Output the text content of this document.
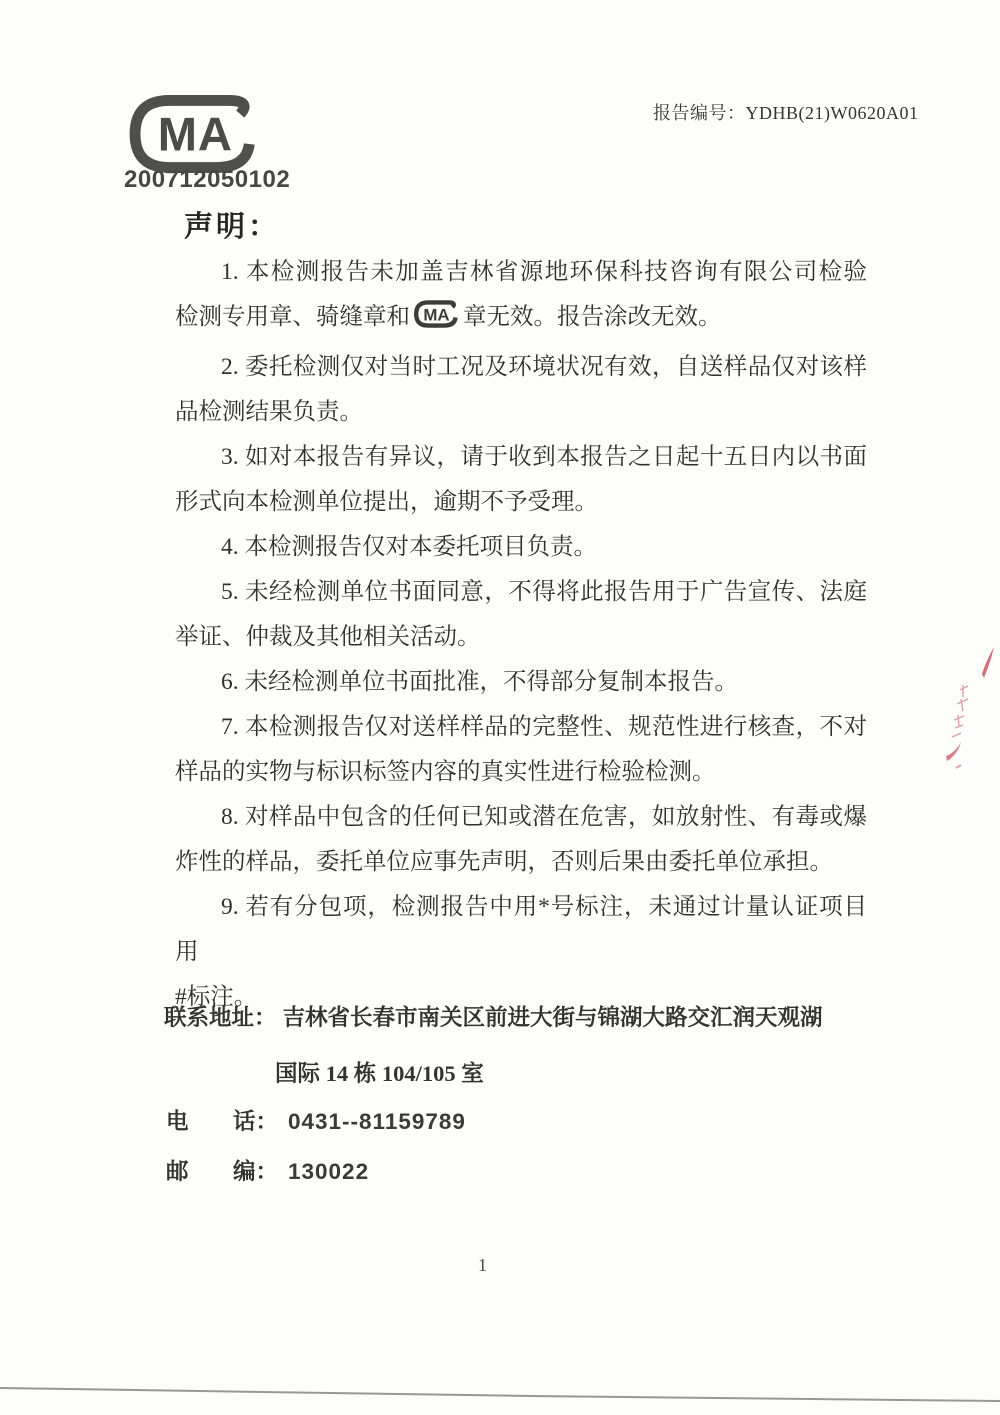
报告编号：YDHB(21)W0620A01
MA
200712050102
声明：
1. 本检测报告未加盖吉林省源地环保科技咨询有限公司检验
检测专用章、骑缝章和 MA 章无效。报告涂改无效。
2. 委托检测仅对当时工况及环境状况有效，自送样品仅对该样
品检测结果负责。
3. 如对本报告有异议，请于收到本报告之日起十五日内以书面
形式向本检测单位提出，逾期不予受理。
4. 本检测报告仅对本委托项目负责。
5. 未经检测单位书面同意，不得将此报告用于广告宣传、法庭
举证、仲裁及其他相关活动。
6. 未经检测单位书面批准，不得部分复制本报告。
7. 本检测报告仅对送样样品的完整性、规范性进行核查，不对
样品的实物与标识标签内容的真实性进行检验检测。
8. 对样品中包含的任何已知或潜在危害，如放射性、有毒或爆
炸性的样品，委托单位应事先声明，否则后果由委托单位承担。
9. 若有分包项，检测报告中用*号标注，未通过计量认证项目用
#标注。
联系地址： 吉林省长春市南关区前进大街与锦湖大路交汇润天观湖
国际 14 栋 104/105 室
电 话： 0431--81159789
邮 编： 130022
1
